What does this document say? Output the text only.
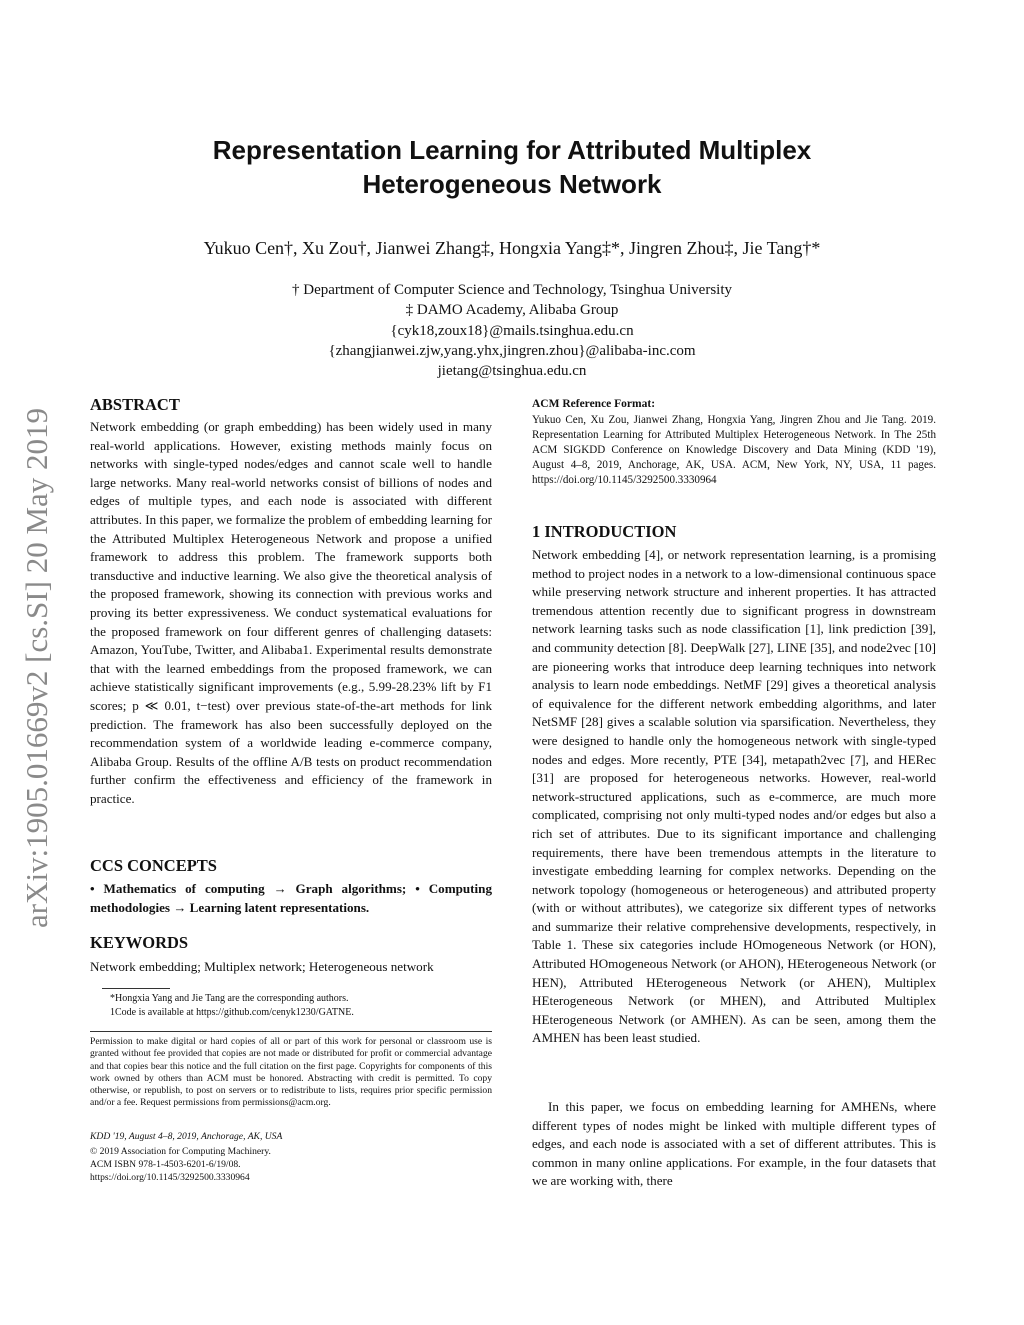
Representation Learning for Attributed Multiplex
Heterogeneous Network
Yukuo Cen†, Xu Zou†, Jianwei Zhang‡, Hongxia Yang‡*, Jingren Zhou‡, Jie Tang†*
† Department of Computer Science and Technology, Tsinghua University
‡ DAMO Academy, Alibaba Group
{cyk18,zoux18}@mails.tsinghua.edu.cn
{zhangjianwei.zjw,yang.yhx,jingren.zhou}@alibaba-inc.com
jietang@tsinghua.edu.cn
arXiv:1905.01669v2 [cs.SI] 20 May 2019
ABSTRACT

Network embedding (or graph embedding) has been widely used in many real-world applications. However, existing methods mainly focus on networks with single-typed nodes/edges and cannot scale well to handle large networks. Many real-world networks consist of billions of nodes and edges of multiple types, and each node is associated with different attributes. In this paper, we formalize the problem of embedding learning for the Attributed Multiplex Heterogeneous Network and propose a unified framework to address this problem. The framework supports both transductive and inductive learning. We also give the theoretical analysis of the proposed framework, showing its connection with previous works and proving its better expressiveness. We conduct systematical evaluations for the proposed framework on four different genres of challenging datasets: Amazon, YouTube, Twitter, and Alibaba1. Experimental results demonstrate that with the learned embeddings from the proposed framework, we can achieve statistically significant improvements (e.g., 5.99-28.23% lift by F1 scores; p ≪ 0.01, t−test) over previous state-of-the-art methods for link prediction. The framework has also been successfully deployed on the recommendation system of a worldwide leading e-commerce company, Alibaba Group. Results of the offline A/B tests on product recommendation further confirm the effectiveness and efficiency of the framework in practice.

CCS CONCEPTS

• Mathematics of computing → Graph algorithms; • Computing methodologies → Learning latent representations.

KEYWORDS

Network embedding; Multiplex network; Heterogeneous network

*Hongxia Yang and Jie Tang are the corresponding authors.
1Code is available at https://github.com/cenyk1230/GATNE.

Permission to make digital or hard copies of all or part of this work for personal or classroom use is granted without fee provided that copies are not made or distributed for profit or commercial advantage and that copies bear this notice and the full citation on the first page. Copyrights for components of this work owned by others than ACM must be honored. Abstracting with credit is permitted. To copy otherwise, or republish, to post on servers or to redistribute to lists, requires prior specific permission and/or a fee. Request permissions from permissions@acm.org.

KDD '19, August 4–8, 2019, Anchorage, AK, USA
© 2019 Association for Computing Machinery.
ACM ISBN 978-1-4503-6201-6/19/08.
https://doi.org/10.1145/3292500.3330964
ACM Reference Format:

Yukuo Cen, Xu Zou, Jianwei Zhang, Hongxia Yang, Jingren Zhou and Jie Tang. 2019. Representation Learning for Attributed Multiplex Heterogeneous Network. In The 25th ACM SIGKDD Conference on Knowledge Discovery and Data Mining (KDD '19), August 4–8, 2019, Anchorage, AK, USA. ACM, New York, NY, USA, 11 pages. https://doi.org/10.1145/3292500.3330964

1 INTRODUCTION

Network embedding [4], or network representation learning, is a promising method to project nodes in a network to a low-dimensional continuous space while preserving network structure and inherent properties. It has attracted tremendous attention recently due to significant progress in downstream network learning tasks such as node classification [1], link prediction [39], and community detection [8]. DeepWalk [27], LINE [35], and node2vec [10] are pioneering works that introduce deep learning techniques into network analysis to learn node embeddings. NetMF [29] gives a theoretical analysis of equivalence for the different network embedding algorithms, and later NetSMF [28] gives a scalable solution via sparsification. Nevertheless, they were designed to handle only the homogeneous network with single-typed nodes and edges. More recently, PTE [34], metapath2vec [7], and HERec [31] are proposed for heterogeneous networks. However, real-world network-structured applications, such as e-commerce, are much more complicated, comprising not only multi-typed nodes and/or edges but also a rich set of attributes. Due to its significant importance and challenging requirements, there have been tremendous attempts in the literature to investigate embedding learning for complex networks. Depending on the network topology (homogeneous or heterogeneous) and attributed property (with or without attributes), we categorize six different types of networks and summarize their relative comprehensive developments, respectively, in Table 1. These six categories include HOmogeneous Network (or HON), Attributed HOmogeneous Network (or AHON), HEterogeneous Network (or HEN), Attributed HEterogeneous Network (or AHEN), Multiplex HEterogeneous Network (or MHEN), and Attributed Multiplex HEterogeneous Network (or AMHEN). As can be seen, among them the AMHEN has been least studied.

In this paper, we focus on embedding learning for AMHENs, where different types of nodes might be linked with multiple different types of edges, and each node is associated with a set of different attributes. This is common in many online applications. For example, in the four datasets that we are working with, there
